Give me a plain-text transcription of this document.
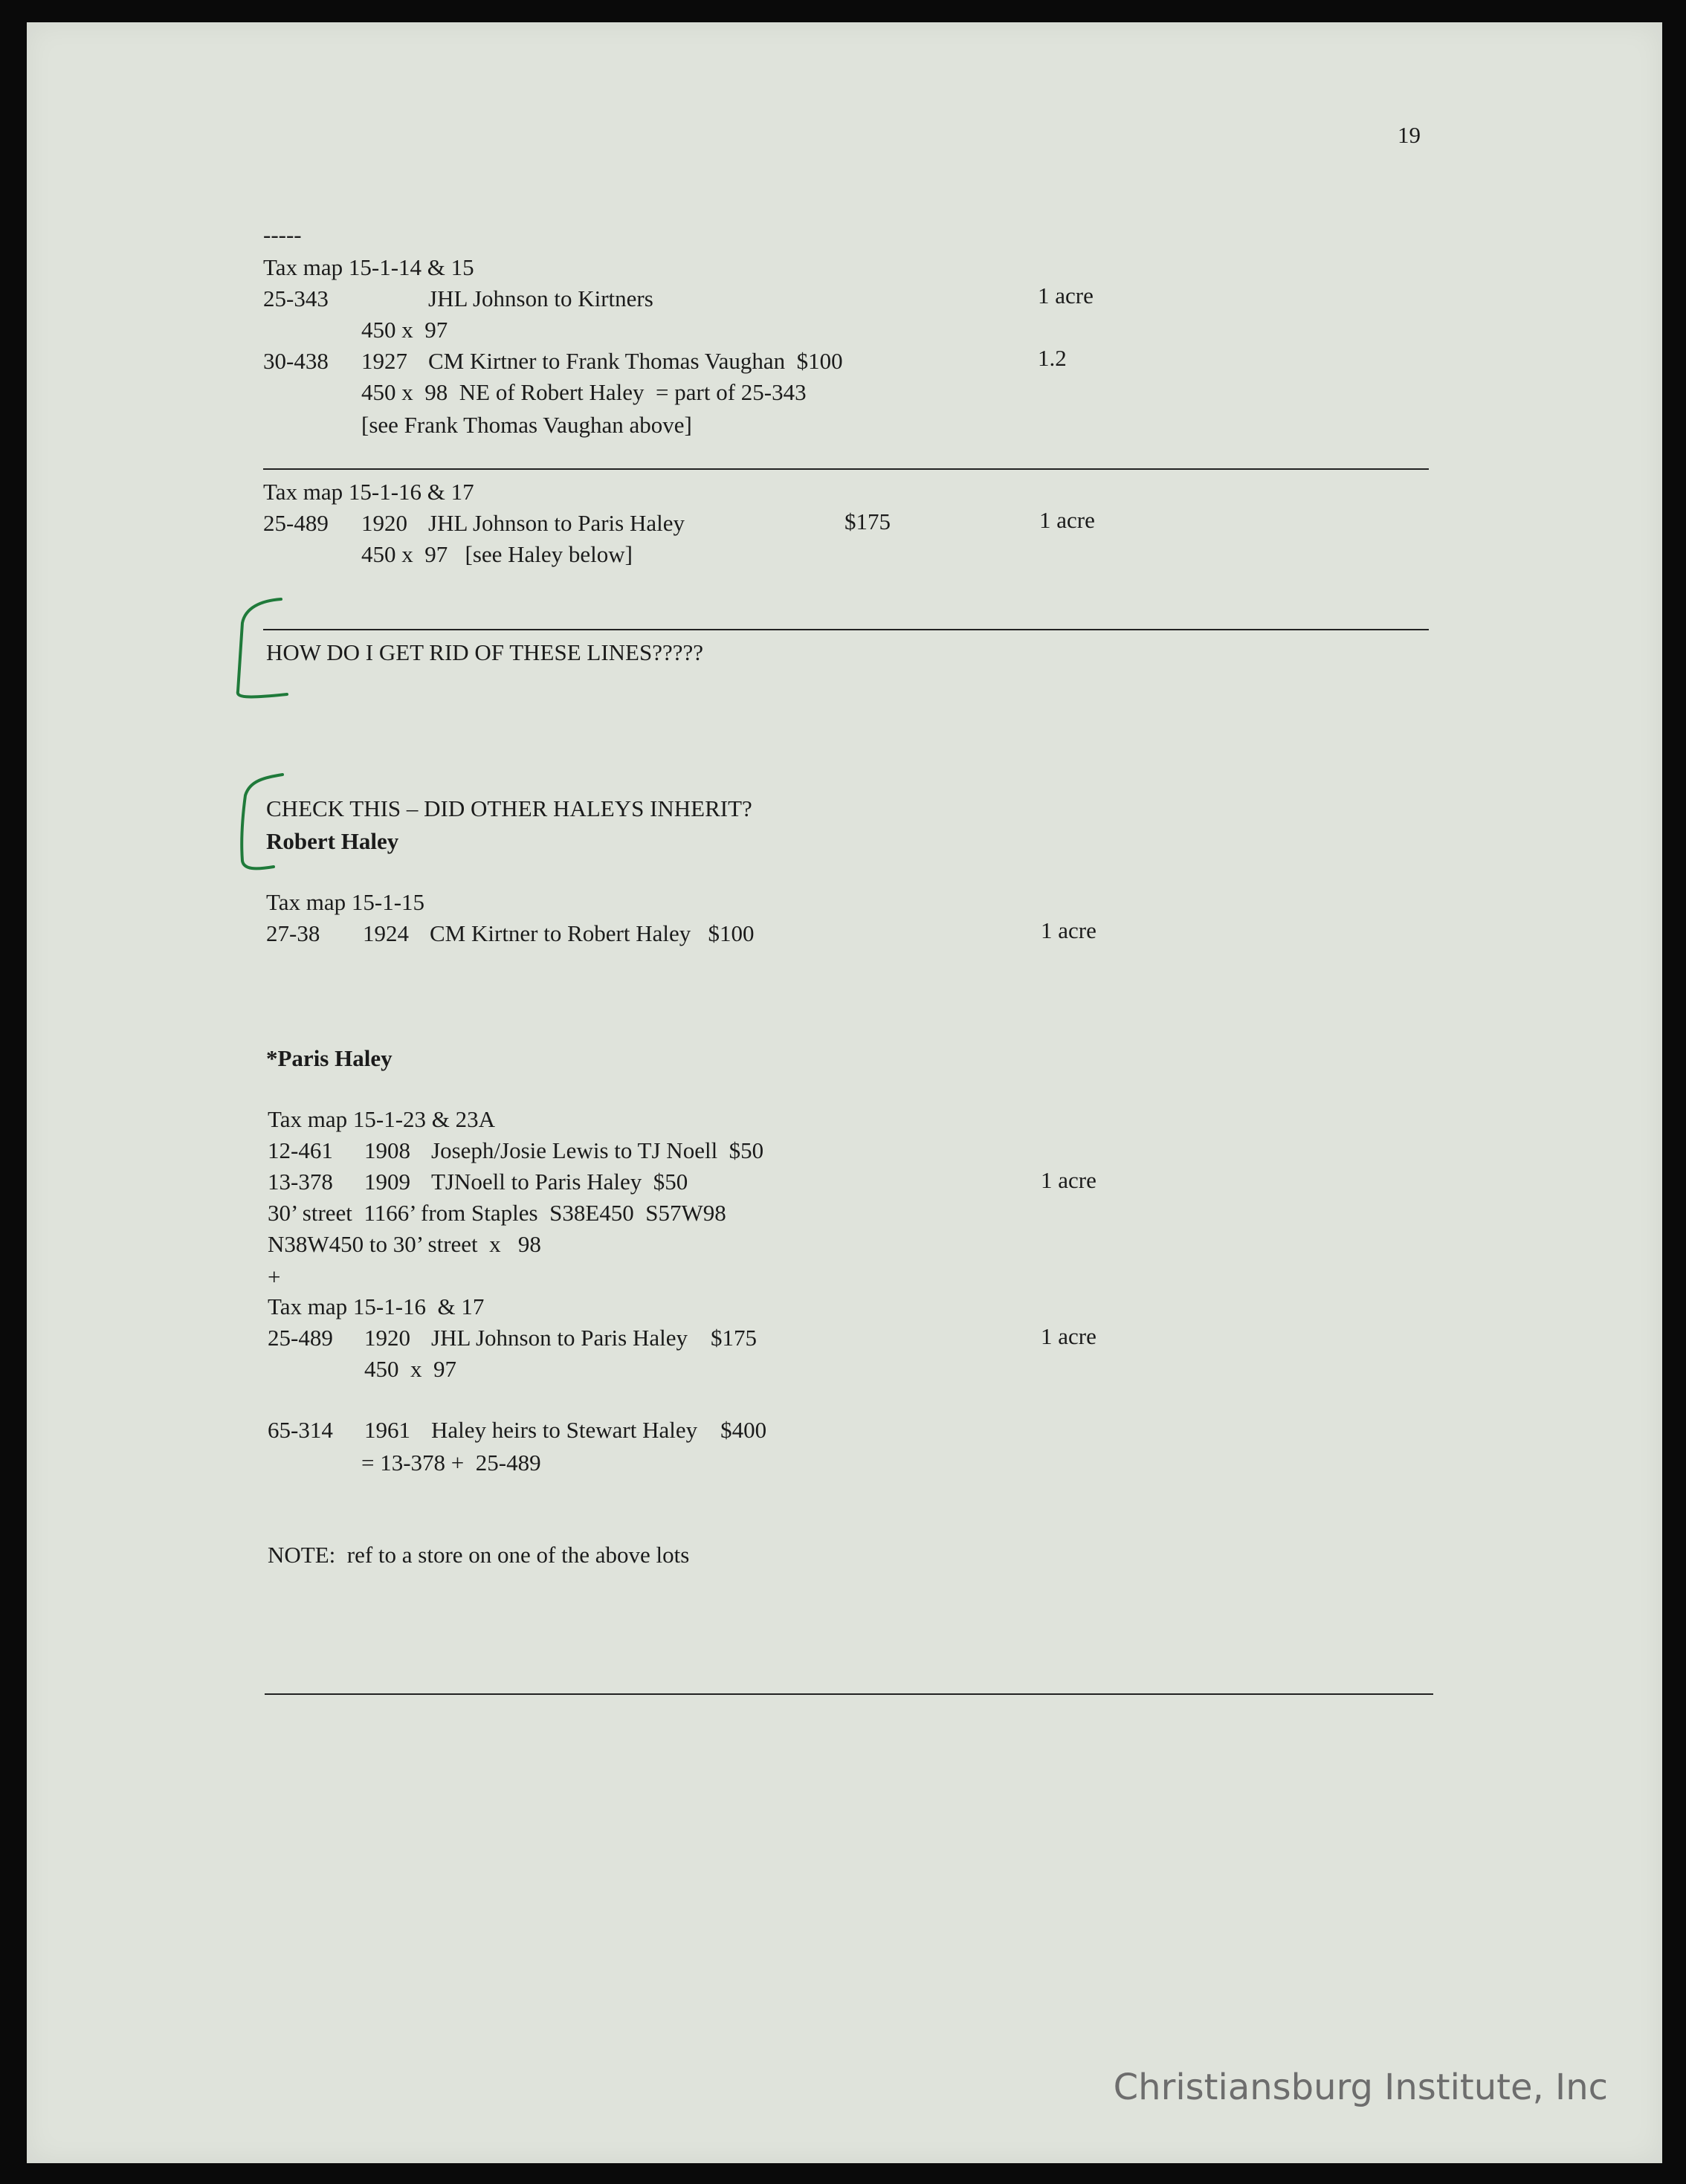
19
-----
Tax map 15-1-14 & 15
25-343	JHL Johnson to Kirtners	1 acre
450 x  97
30-438 1927 CM Kirtner to Frank Thomas Vaughan  $100	1.2
450 x  98  NE of Robert Haley  = part of 25-343
[see Frank Thomas Vaughan above]
Tax map 15-1-16 & 17
25-489 1920 JHL Johnson to Paris Haley	$175	1 acre
450 x  97   [see Haley below]
HOW DO I GET RID OF THESE LINES?????
CHECK THIS – DID OTHER HALEYS INHERIT?
Robert Haley
Tax map 15-1-15
27-38 1924 CM Kirtner to Robert Haley   $100	1 acre
*Paris Haley
Tax map 15-1-23 & 23A
12-461 1908 Joseph/Josie Lewis to TJ Noell  $50
13-378 1909 TJNoell to Paris Haley  $50	1 acre
30’ street  1166’ from Staples  S38E450  S57W98
N38W450 to 30’ street  x   98
+
Tax map 15-1-16  & 17
25-489 1920 JHL Johnson to Paris Haley    $175	1 acre
450  x  97
65-314 1961 Haley heirs to Stewart Haley    $400
= 13-378 +  25-489
NOTE:  ref to a store on one of the above lots
Christiansburg Institute, Inc
